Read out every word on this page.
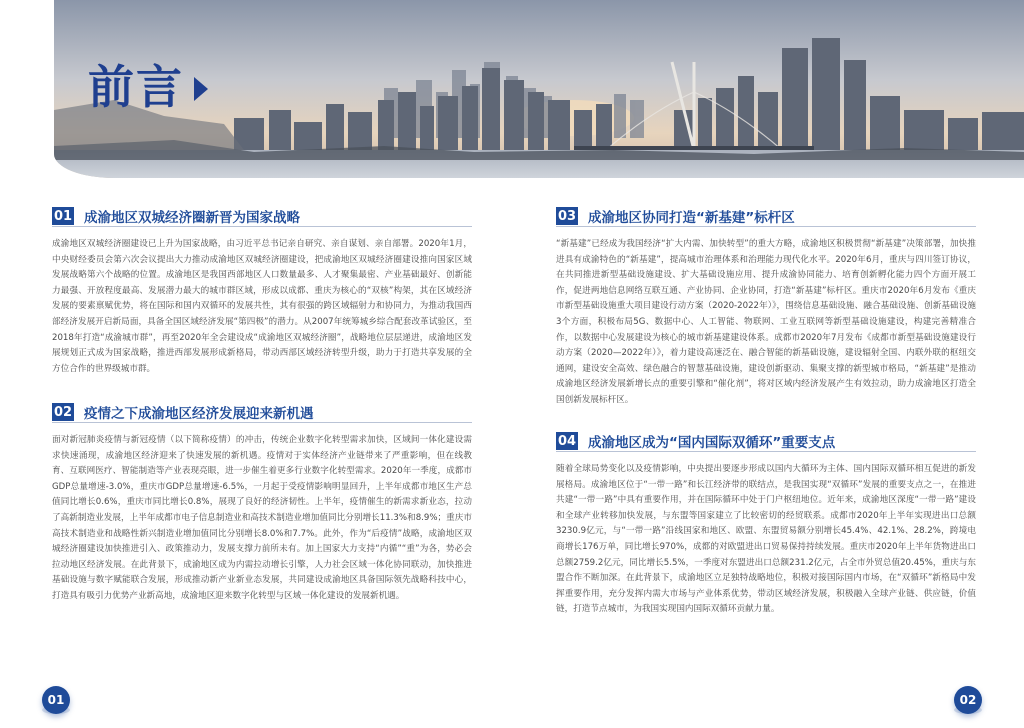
前言
01 成渝地区双城经济圈新晋为国家战略

成渝地区双城经济圈建设已上升为国家战略，由习近平总书记亲自研究、亲自谋划、亲自部署。2020年1月，中央财经委员会第六次会议提出大力推动成渝地区双城经济圈建设，把成渝地区双城经济圈建设推向国家区域发展战略第六个战略的位置。成渝地区是我国西部地区人口数量最多、人才聚集最密、产业基础最好、创新能力最强、开放程度最高、发展潜力最大的城市群区域，形成以成都、重庆为核心的“双核”构架，其在区域经济发展的要素禀赋优势，将在国际和国内双循环的发展共性，其有很强的跨区域辐射力和协同力，为推动我国西部经济发展开启新局面，具备全国区域经济发展“第四极”的潜力。从2007年统筹城乡综合配套改革试验区，至2018年打造“成渝城市群”，再至2020年全会建设成“成渝地区双城经济圈”，战略地位层层递进，成渝地区发展规划正式成为国家战略，推进西部发展形成新格局，带动西部区域经济转型升级，助力于打造共享发展的全方位合作的世界级城市群。

02 疫情之下成渝地区经济发展迎来新机遇

面对新冠肺炎疫情与新冠疫情（以下简称疫情）的冲击，传统企业数字化转型需求加快，区域间一体化建设需求快速涌现，成渝地区经济迎来了快速发展的新机遇。疫情对于实体经济产业链带来了严重影响，但在线教育、互联网医疗、智能制造等产业表现亮眼，进一步催生着更多行业数字化转型需求。2020年一季度，成都市GDP总量增速-3.0%，重庆市GDP总量增速-6.5%，一月起于受疫情影响明显回升，上半年成都市地区生产总值同比增长0.6%，重庆市同比增长0.8%，展现了良好的经济韧性。上半年，疫情催生的新需求新业态，拉动了高新制造业发展，上半年成都市电子信息制造业和高技术制造业增加值同比分别增长11.3%和8.9%；重庆市高技术制造业和战略性新兴制造业增加值同比分别增长8.0%和7.7%。此外，作为“后疫情”战略，成渝地区双城经济圈建设加快推进引入、政策推动力，发展支撑力前所未有。加上国家大力支持“内循”“重”为各，势必会拉动地区经济发展。在此背景下，成渝地区成为内需拉动增长引擎，人力社会区域一体化协同联动，加快推进基础设施与数字赋能联合发展，形成推动新产业新业态发展，共同建设成渝地区具备国际领先战略科技中心，打造具有吸引力优势产业新高地，成渝地区迎来数字化转型与区域一体化建设的发展新机遇。

03 成渝地区协同打造“新基建”标杆区

“新基建”已经成为我国经济“扩大内需、加快转型”的重大方略，成渝地区积极贯彻“新基建”决策部署，加快推进具有成渝特色的“新基建”，提高城市治理体系和治理能力现代化水平。2020年6月，重庆与四川签订协议，在共同推进新型基础设施建设、扩大基础设施应用、提升成渝协同能力、培育创新孵化能力四个方面开展工作，促进两地信息网络互联互通、产业协同、企业协同，打造“新基建”标杆区。重庆市2020年6月发布《重庆市新型基础设施重大项目建设行动方案（2020-2022年）》，围绕信息基础设施、融合基础设施、创新基础设施3个方面，积极布局5G、数据中心、人工智能、物联网、工业互联网等新型基础设施建设，构建完善精准合作，以数据中心发展建设为核心的城市新基建建设体系。成都市2020年7月发布《成都市新型基础设施建设行动方案（2020—2022年）》，着力建设高速泛在、融合智能的新基础设施，建设辐射全国、内联外联的枢纽交通网，建设安全高效、绿色融合的智慧基础设施，建设创新驱动、集聚支撑的新型城市格局，“新基建”是推动成渝地区经济发展新增长点的重要引擎和“催化剂”，将对区域内经济发展产生有效拉动，助力成渝地区打造全国创新发展标杆区。

04 成渝地区成为“国内国际双循环”重要支点

随着全球局势变化以及疫情影响，中央提出要逐步形成以国内大循环为主体、国内国际双循环相互促进的新发展格局。成渝地区位于“一带一路”和长江经济带的联结点，是我国实现“双循环”发展的重要支点之一，在推进共建“一带一路”中具有重要作用，并在国际循环中处于门户枢纽地位。近年来，成渝地区深度“一带一路”建设和全球产业转移加快发展，与东盟等国家建立了比较密切的经贸联系。成都市2020年上半年实现进出口总额3230.9亿元，与“一带一路”沿线国家和地区、欧盟、东盟贸易额分别增长45.4%、42.1%、28.2%，跨境电商增长176万单，同比增长970%，成都的对欧盟进出口贸易保持持续发展。重庆市2020年上半年货物进出口总额2759.2亿元，同比增长5.5%，一季度对东盟进出口总额231.2亿元，占全市外贸总值20.45%，重庆与东盟合作不断加深。在此背景下，成渝地区立足独特战略地位，积极对接国际国内市场，在“双循环”新格局中发挥重要作用，充分发挥内需大市场与产业体系优势，带动区域经济发展，积极融入全球产业链、供应链，价值链，打造节点城市，为我国实现国内国际双循环贡献力量。

01	02
